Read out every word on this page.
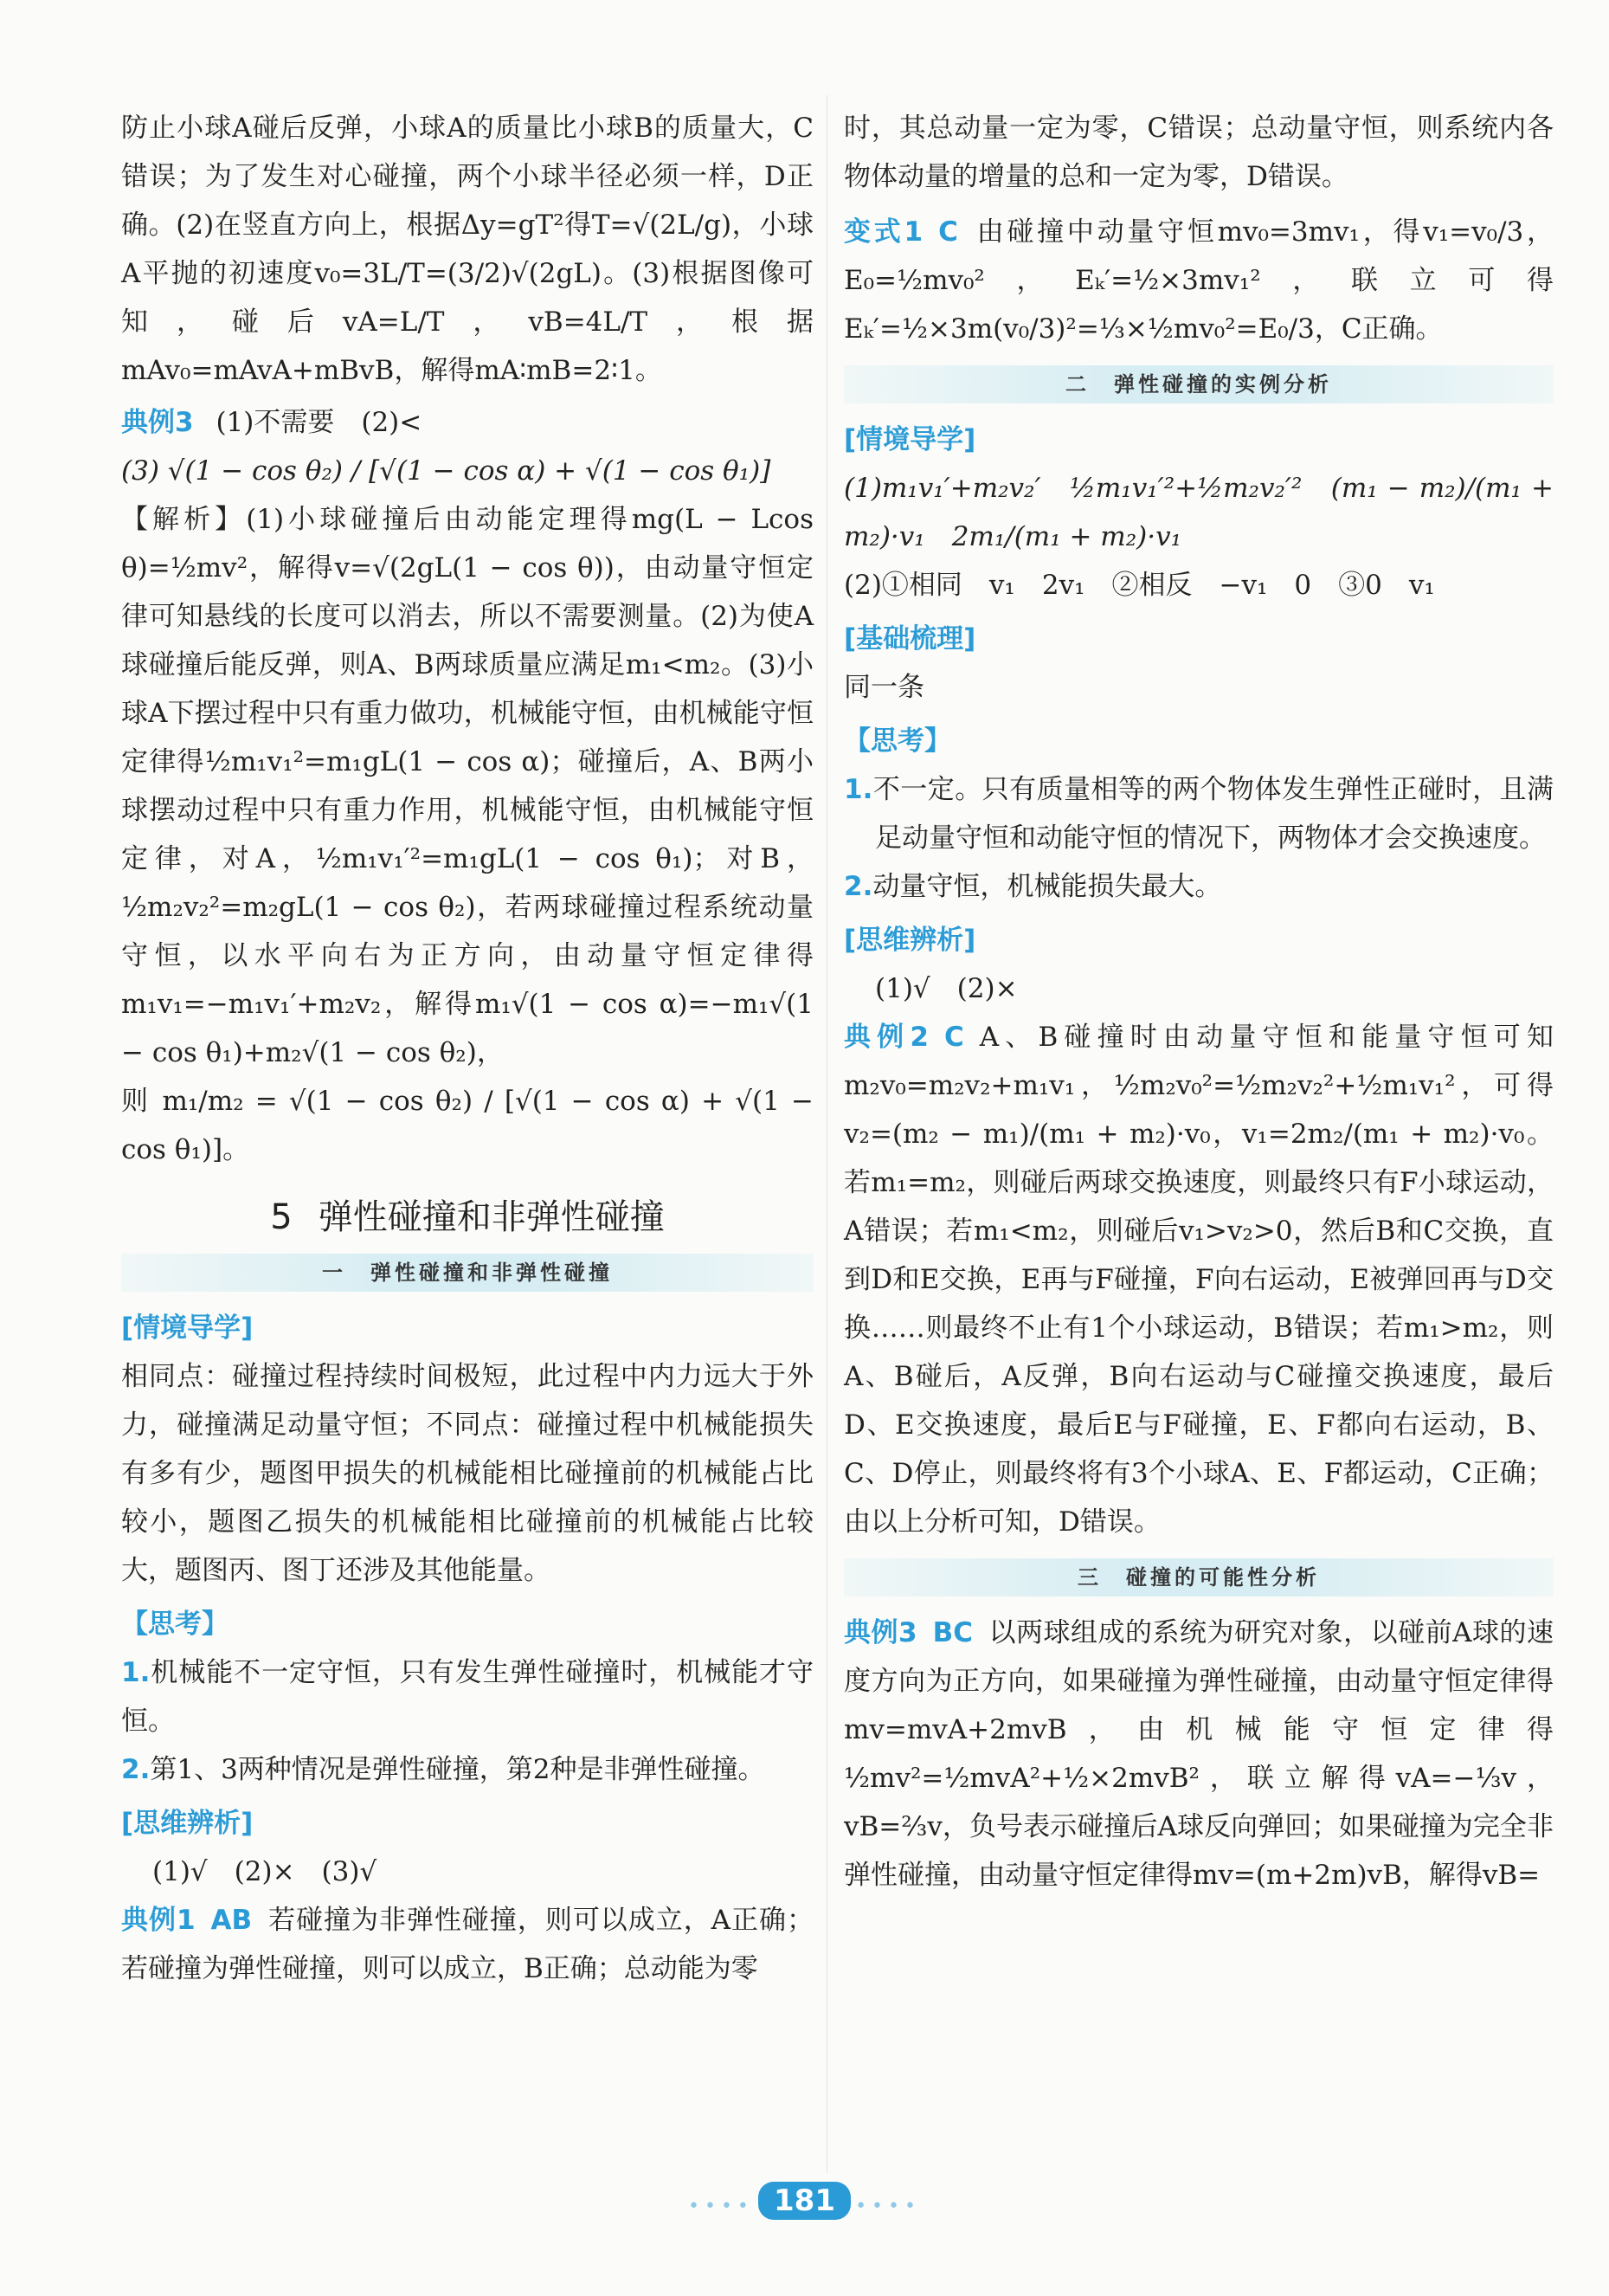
防止小球A碰后反弹，小球A的质量比小球B的质量大，C错误；为了发生对心碰撞，两个小球半径必须一样，D正确。(2)在竖直方向上，根据Δy=gT²得T=√(2L/g)，小球A平抛的初速度v₀=3L/T=(3/2)√(2gL)。(3)根据图像可知，碰后vA=L/T，vB=4L/T，根据mAv₀=mAvA+mBvB，解得mA∶mB=2∶1。

典例3 (1)不需要　(2)<

(3) √(1 − cos θ₂) / [√(1 − cos α) + √(1 − cos θ₁)]

【解析】(1)小球碰撞后由动能定理得mg(L − Lcos θ)=½mv²，解得v=√(2gL(1 − cos θ))，由动量守恒定律可知悬线的长度可以消去，所以不需要测量。(2)为使A球碰撞后能反弹，则A、B两球质量应满足m₁<m₂。(3)小球A下摆过程中只有重力做功，机械能守恒，由机械能守恒定律得½m₁v₁²=m₁gL(1 − cos α)；碰撞后，A、B两小球摆动过程中只有重力作用，机械能守恒，由机械能守恒定律，对A，½m₁v₁′²=m₁gL(1 − cos θ₁)；对B，½m₂v₂²=m₂gL(1 − cos θ₂)，若两球碰撞过程系统动量守恒，以水平向右为正方向，由动量守恒定律得m₁v₁=−m₁v₁′+m₂v₂，解得m₁√(1 − cos α)=−m₁√(1 − cos θ₁)+m₂√(1 − cos θ₂)，

则 m₁/m₂ = √(1 − cos θ₂) / [√(1 − cos α) + √(1 − cos θ₁)]。

5 弹性碰撞和非弹性碰撞
一　弹性碰撞和非弹性碰撞

[情境导学]

相同点：碰撞过程持续时间极短，此过程中内力远大于外力，碰撞满足动量守恒；不同点：碰撞过程中机械能损失有多有少，题图甲损失的机械能相比碰撞前的机械能占比较小，题图乙损失的机械能相比碰撞前的机械能占比较大，题图丙、图丁还涉及其他能量。

【思考】

1.机械能不一定守恒，只有发生弹性碰撞时，机械能才守恒。

2.第1、3两种情况是弹性碰撞，第2种是非弹性碰撞。

[思维辨析]

(1)√　(2)×　(3)√

典例1 AB 若碰撞为非弹性碰撞，则可以成立，A正确；若碰撞为弹性碰撞，则可以成立，B正确；总动能为零

时，其总动量一定为零，C错误；总动量守恒，则系统内各物体动量的增量的总和一定为零，D错误。

变式1 C 由碰撞中动量守恒mv₀=3mv₁，得v₁=v₀/3，E₀=½mv₀²，Eₖ′=½×3mv₁²，联立可得Eₖ′=½×3m(v₀/3)²=⅓×½mv₀²=E₀/3，C正确。

二　弹性碰撞的实例分析

[情境导学]

(1)m₁v₁′+m₂v₂′　½m₁v₁′²+½m₂v₂′²　(m₁ − m₂)/(m₁ + m₂)·v₁　2m₁/(m₁ + m₂)·v₁

(2)①相同　v₁　2v₁　②相反　−v₁　0　③0　v₁

[基础梳理]

同一条

【思考】

1.不一定。只有质量相等的两个物体发生弹性正碰时，且满足动量守恒和动能守恒的情况下，两物体才会交换速度。

2.动量守恒，机械能损失最大。

[思维辨析]

(1)√　(2)×

典例2 C A、B碰撞时由动量守恒和能量守恒可知m₂v₀=m₂v₂+m₁v₁，½m₂v₀²=½m₂v₂²+½m₁v₁²，可得v₂=(m₂ − m₁)/(m₁ + m₂)·v₀，v₁=2m₂/(m₁ + m₂)·v₀。若m₁=m₂，则碰后两球交换速度，则最终只有F小球运动，A错误；若m₁<m₂，则碰后v₁>v₂>0，然后B和C交换，直到D和E交换，E再与F碰撞，F向右运动，E被弹回再与D交换……则最终不止有1个小球运动，B错误；若m₁>m₂，则A、B碰后，A反弹，B向右运动与C碰撞交换速度，最后D、E交换速度，最后E与F碰撞，E、F都向右运动，B、C、D停止，则最终将有3个小球A、E、F都运动，C正确；由以上分析可知，D错误。

三　碰撞的可能性分析

典例3 BC 以两球组成的系统为研究对象，以碰前A球的速度方向为正方向，如果碰撞为弹性碰撞，由动量守恒定律得mv=mvA+2mvB，由机械能守恒定律得½mv²=½mvA²+½×2mvB²，联立解得vA=−⅓v，vB=⅔v，负号表示碰撞后A球反向弹回；如果碰撞为完全非弹性碰撞，由动量守恒定律得mv=(m+2m)vB，解得vB=

•••• 181 ••••
